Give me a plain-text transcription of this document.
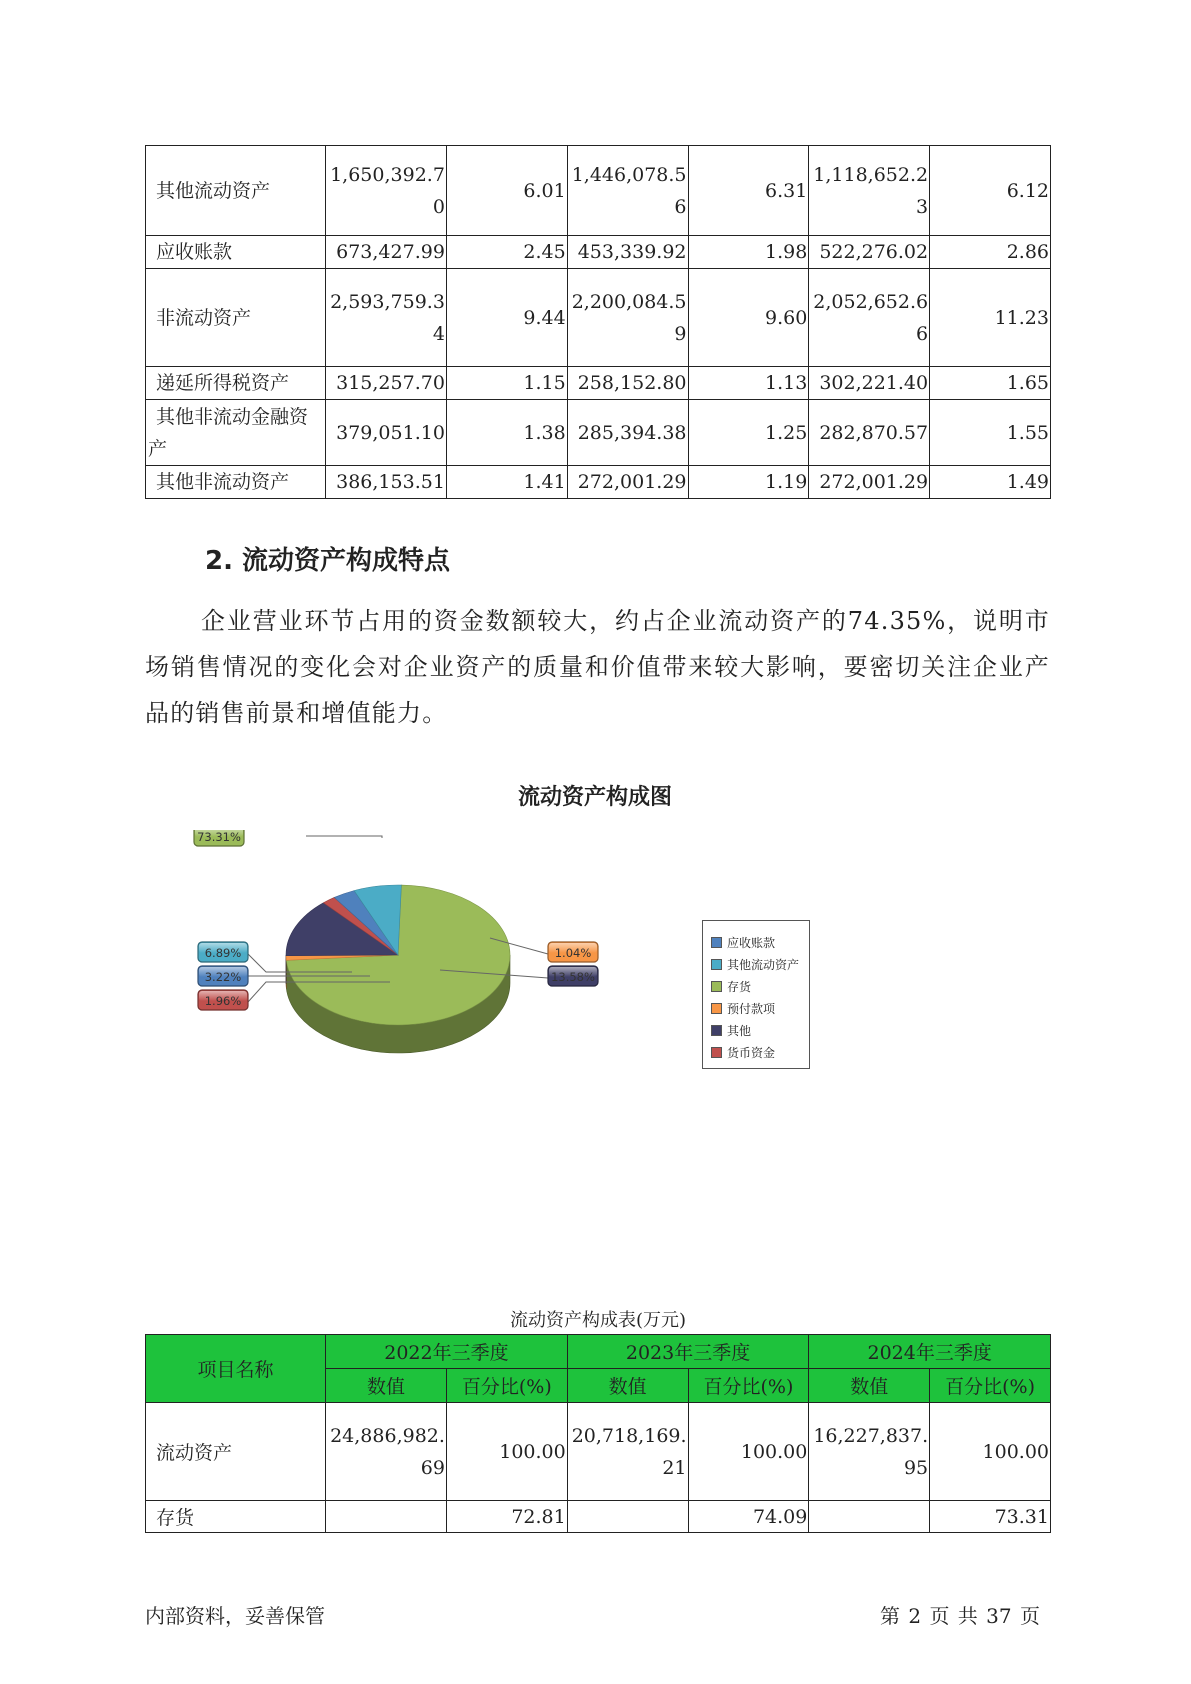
其他流动资产	1,650,392.70	6.01	1,446,078.56	6.31	1,118,652.23	6.12
应收账款	673,427.99	2.45	453,339.92	1.98	522,276.02	2.86
非流动资产	2,593,759.34	9.44	2,200,084.59	9.60	2,052,652.66	11.23
递延所得税资产	315,257.70	1.15	258,152.80	1.13	302,221.40	1.65
其他非流动金融资产	379,051.10	1.38	285,394.38	1.25	282,870.57	1.55
其他非流动资产	386,153.51	1.41	272,001.29	1.19	272,001.29	1.49
2. 流动资产构成特点

企业营业环节占用的资金数额较大，约占企业流动资产的74.35%，说明市场销售情况的变化会对企业资产的质量和价值带来较大影响，要密切关注企业产品的销售前景和增值能力。

流动资产构成图
3.22%
6.89%
73.31%
1.04%
13.58%
1.96%
应收账款
其他流动资产
存货
预付款项
其他
货币资金
流动资产构成表(万元)
项目名称	2022年三季度		2023年三季度		2024年三季度	
	数值	百分比(%)	数值	百分比(%)	数值	百分比(%)
流动资产	24,886,982.69	100.00	20,718,169.21	100.00	16,227,837.95	100.00
存货		72.81		74.09		73.31
内部资料，妥善保管	第 2 页 共 37 页
